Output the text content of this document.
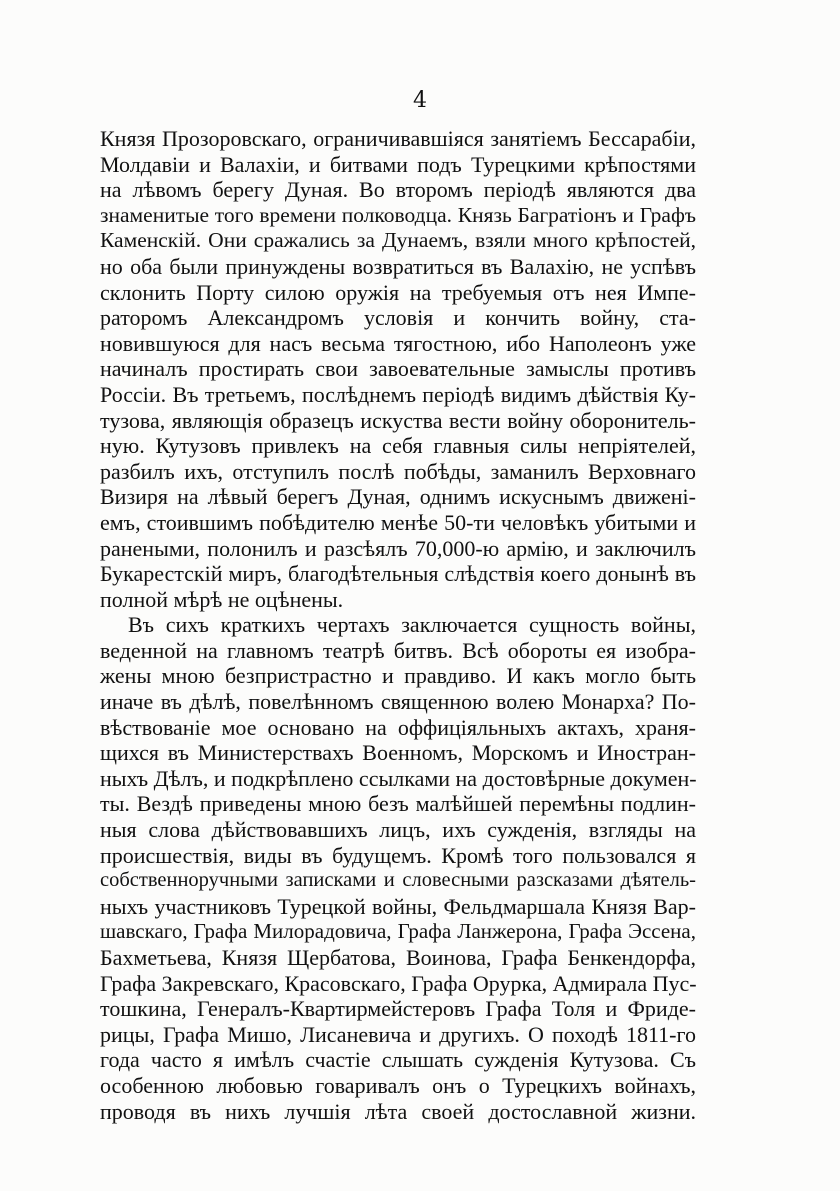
4
Князя Прозоровскаго, ограничивавшіяся занятіемъ Бессарабіи,
Молдавіи и Валахіи, и битвами подъ Турецкими крѣпостями
на лѣвомъ берегу Дуная. Во второмъ періодѣ являются два
знаменитые того времени полководца. Князь Багратіонъ и Графъ
Каменскій. Они сражались за Дунаемъ, взяли много крѣпостей,
но оба были принуждены возвратиться въ Валахію, не успѣвъ
склонить Порту силою оружія на требуемыя отъ нея Импе-
раторомъ Александромъ условія и кончить войну, ста-
новившуюся для насъ весьма тягостною, ибо Наполеонъ уже
начиналъ простирать свои завоевательные замыслы противъ
Россіи. Въ третьемъ, послѣднемъ періодѣ видимъ дѣйствія Ку-
тузова, являющія образецъ искуства вести войну оборонитель-
ную. Кутузовъ привлекъ на себя главныя силы непріятелей,
разбилъ ихъ, отступилъ послѣ побѣды, заманилъ Верховнаго
Визиря на лѣвый берегъ Дуная, однимъ искуснымъ движені-
емъ, стоившимъ побѣдителю менѣе 50-ти человѣкъ убитыми и
ранеными, полонилъ и разсѣялъ 70,000-ю армію, и заключилъ
Букарестскій миръ, благодѣтельныя слѣдствія коего донынѣ въ
полной мѣрѣ не оцѣнены.
Въ сихъ краткихъ чертахъ заключается сущность войны,
веденной на главномъ театрѣ битвъ. Всѣ обороты ея изобра-
жены мною безпристрастно и правдиво. И какъ могло быть
иначе въ дѣлѣ, повелѣнномъ священною волею Монарха? По-
вѣствованіе мое основано на оффиціяльныхъ актахъ, храня-
щихся въ Министерствахъ Военномъ, Морскомъ и Иностран-
ныхъ Дѣлъ, и подкрѣплено ссылками на достовѣрные докумен-
ты. Вездѣ приведены мною безъ малѣйшей перемѣны подлин-
ныя слова дѣйствовавшихъ лицъ, ихъ сужденія, взгляды на
происшествія, виды въ будущемъ. Кромѣ того пользовался я
собственноручными записками и словесными разсказами дѣятель-
ныхъ участниковъ Турецкой войны, Фельдмаршала Князя Вар-
шавскаго, Графа Милорадовича, Графа Ланжерона, Графа Эссена,
Бахметьева, Князя Щербатова, Воинова, Графа Бенкендорфа,
Графа Закревскаго, Красовскаго, Графа Орурка, Адмирала Пус-
тошкина, Генералъ-Квартирмейстеровъ Графа Толя и Фриде-
рицы, Графа Мишо, Лисаневича и другихъ. О походѣ 1811-го
года часто я имѣлъ счастіе слышать сужденія Кутузова. Съ
особенною любовью говаривалъ онъ о Турецкихъ войнахъ,
проводя въ нихъ лучшія лѣта своей достославной жизни.
